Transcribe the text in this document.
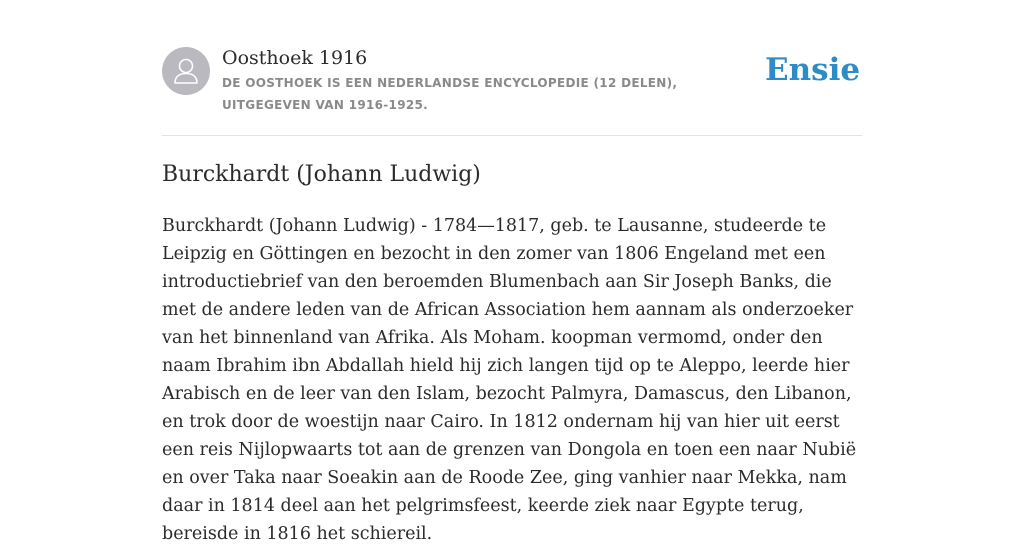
Oosthoek 1916
DE OOSTHOEK IS EEN NEDERLANDSE ENCYCLOPEDIE (12 DELEN), UITGEGEVEN VAN 1916-1925.
Ensie
Burckhardt (Johann Ludwig)

Burckhardt (Johann Ludwig) - 1784—1817, geb. te Lausanne, studeerde te Leipzig en Göttingen en bezocht in den zomer van 1806 Engeland met een introductiebrief van den beroemden Blumenbach aan Sir Joseph Banks, die met de andere leden van de African Association hem aannam als onderzoeker van het binnenland van Afrika. Als Moham. koopman vermomd, onder den naam Ibrahim ibn Abdallah hield hij zich langen tijd op te Aleppo, leerde hier Arabisch en de leer van den Islam, bezocht Palmyra, Damascus, den Libanon, en trok door de woestijn naar Cairo. In 1812 ondernam hij van hier uit eerst een reis Nijlopwaarts tot aan de grenzen van Dongola en toen een naar Nubië en over Taka naar Soeakin aan de Roode Zee, ging vanhier naar Mekka, nam daar in 1814 deel aan het pelgrimsfeest, keerde ziek naar Egypte terug, bereisde in 1816 het schiereil.
